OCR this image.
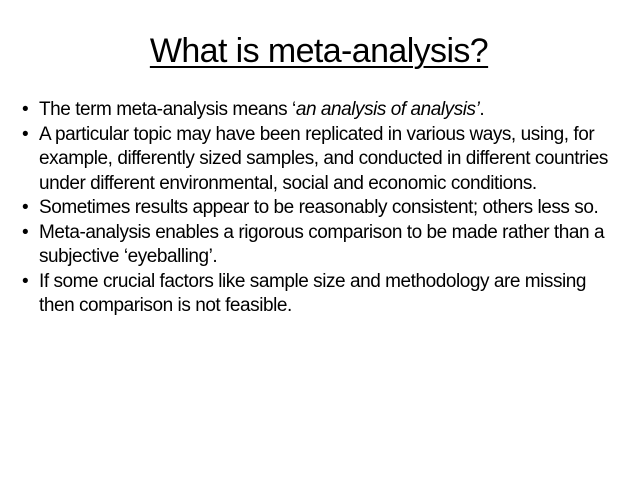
What is meta-analysis?
• The term meta-analysis means ‘an analysis of analysis’.
• A particular topic may have been replicated in various ways, using, for example, differently sized samples, and conducted in different countries under different environmental, social and economic conditions.
• Sometimes results appear to be reasonably consistent; others less so.
• Meta-analysis enables a rigorous comparison to be made rather than a subjective ‘eyeballing’.
• If some crucial factors like sample size and methodology are missing then comparison is not feasible.
